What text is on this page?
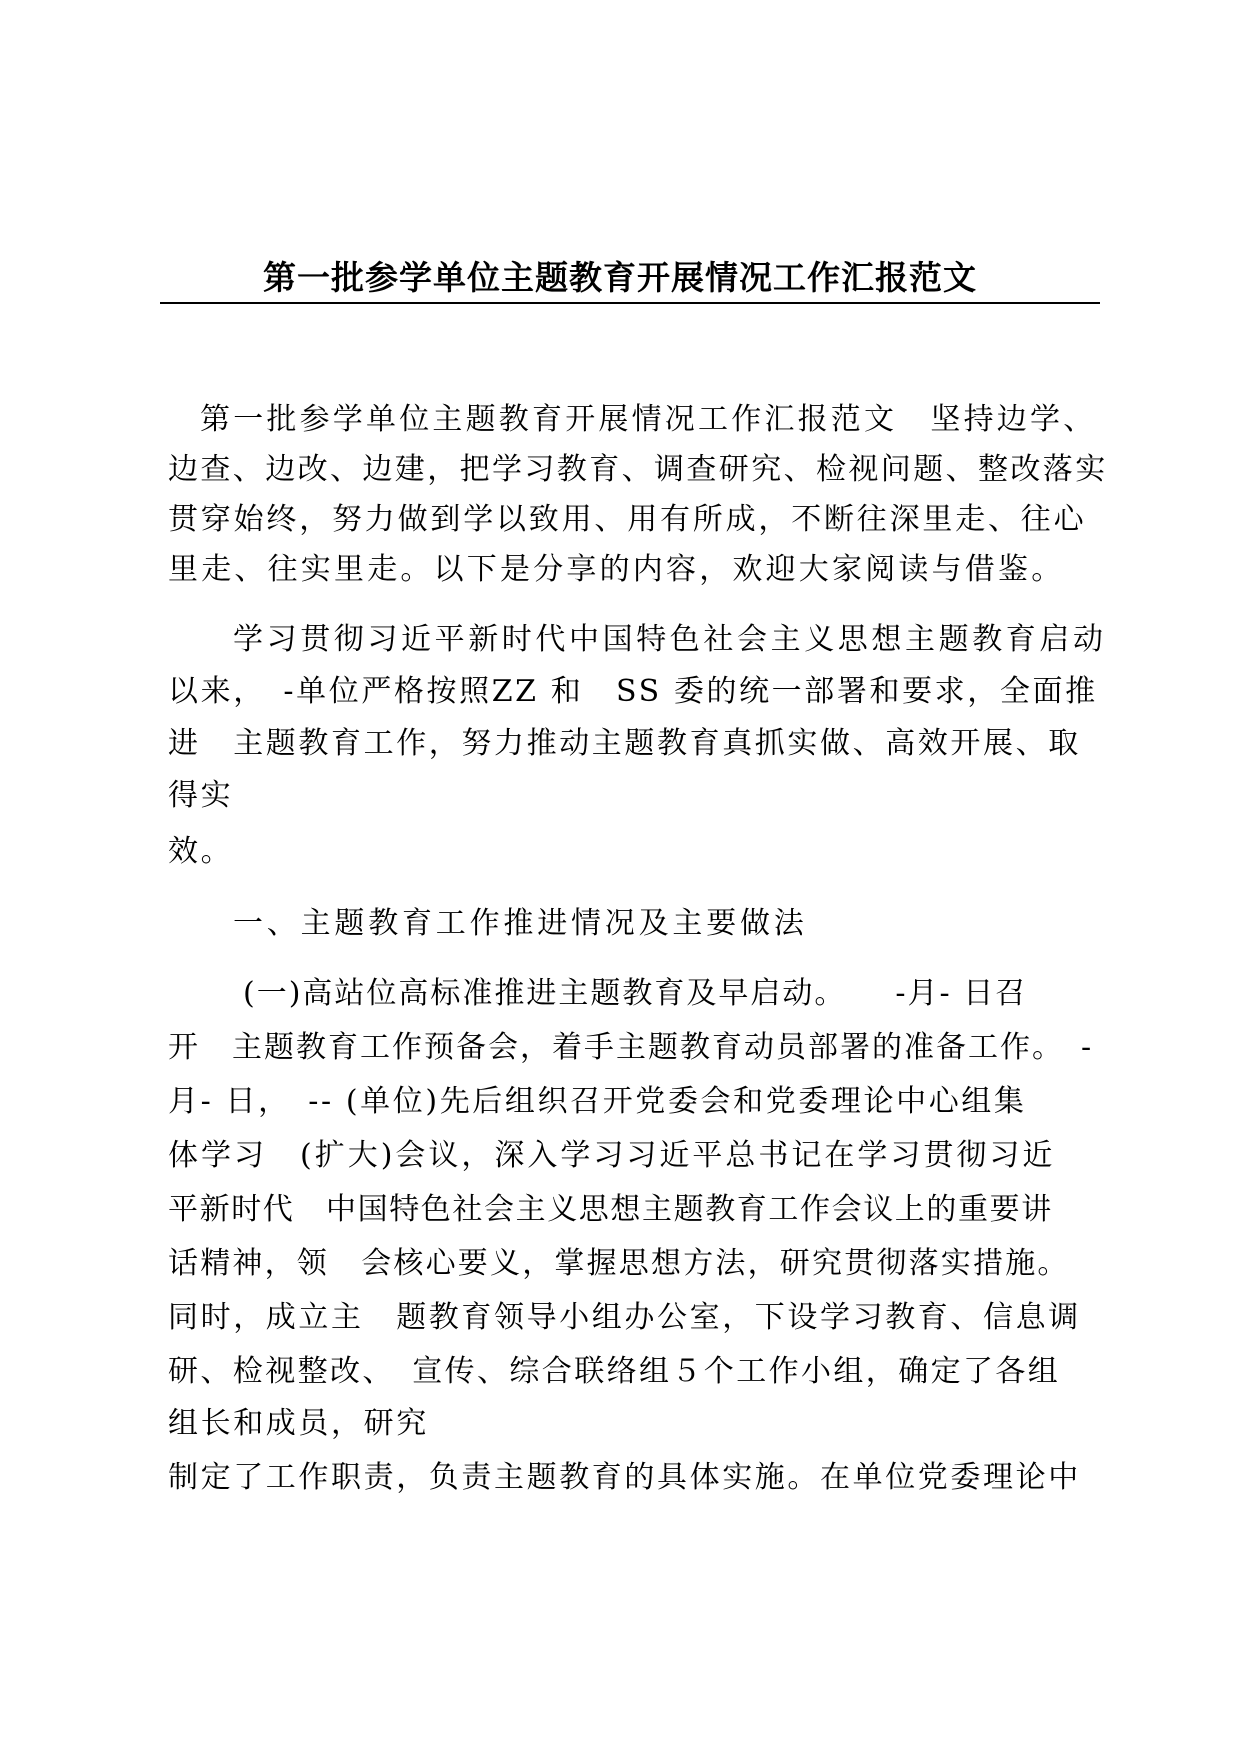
第一批参学单位主题教育开展情况工作汇报范文
第一批参学单位主题教育开展情况工作汇报范文　坚持边学、
边查、边改、边建，把学习教育、调查研究、检视问题、整改落实
贯穿始终，努力做到学以致用、用有所成，不断往深里走、往心
里走、往实里走。以下是分享的内容，欢迎大家阅读与借鉴。
学习贯彻习近平新时代中国特色社会主义思想主题教育启动
以来，　-单位严格按照ZZ 和　SS 委的统一部署和要求，全面推
进　主题教育工作，努力推动主题教育真抓实做、高效开展、取
得实
效。
一、主题教育工作推进情况及主要做法
(一)高站位高标准推进主题教育及早启动。　　-月- 日召
开　主题教育工作预备会，着手主题教育动员部署的准备工作。　-
月- 日，　-- (单位)先后组织召开党委会和党委理论中心组集
体学习　(扩大)会议，深入学习习近平总书记在学习贯彻习近
平新时代　中国特色社会主义思想主题教育工作会议上的重要讲
话精神，领　会核心要义，掌握思想方法，研究贯彻落实措施。
同时，成立主　题教育领导小组办公室，下设学习教育、信息调
研、检视整改、　宣传、综合联络组５个工作小组，确定了各组
组长和成员，研究
制定了工作职责，负责主题教育的具体实施。在单位党委理论中
